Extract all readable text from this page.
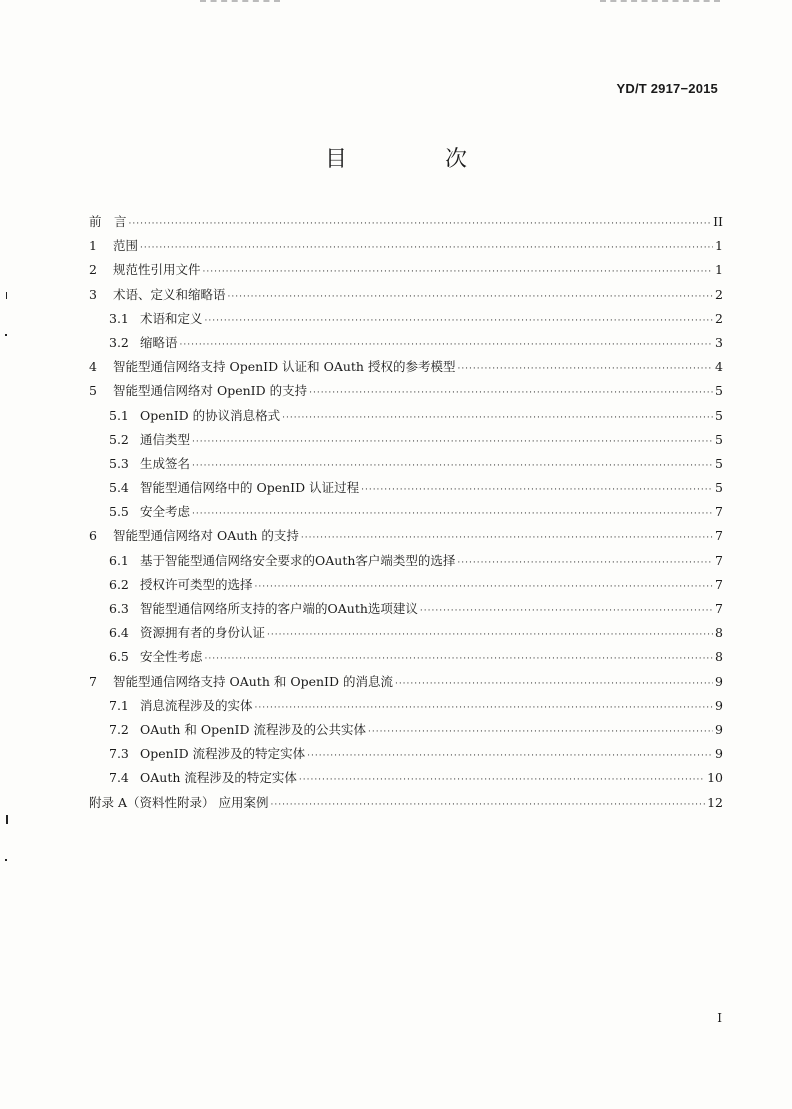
YD/T 2917−2015
目　次
前　言 ·····	II
1	范围 ·····	1
2	规范性引用文件 ·····	1
3	术语、定义和缩略语 ·····	2
3.1 术语和定义 ·····	2
3.2 缩略语 ·····	3
4	智能型通信网络支持 OpenID 认证和 OAuth 授权的参考模型 ·····	4
5	智能型通信网络对 OpenID 的支持 ·····	5
5.1 OpenID 的协议消息格式 ·····	5
5.2 通信类型 ·····	5
5.3 生成签名 ·····	5
5.4 智能型通信网络中的 OpenID 认证过程 ·····	5
5.5 安全考虑 ·····	7
6	智能型通信网络对 OAuth 的支持 ·····	7
6.1 基于智能型通信网络安全要求的OAuth客户端类型的选择 ·····	7
6.2 授权许可类型的选择 ·····	7
6.3 智能型通信网络所支持的客户端的OAuth选项建议 ·····	7
6.4 资源拥有者的身份认证 ·····	8
6.5 安全性考虑 ·····	8
7	智能型通信网络支持 OAuth 和 OpenID 的消息流 ·····	9
7.1 消息流程涉及的实体 ·····	9
7.2 OAuth 和 OpenID 流程涉及的公共实体 ·····	9
7.3 OpenID 流程涉及的特定实体 ·····	9
7.4 OAuth 流程涉及的特定实体 ·····	10
附录 A（资料性附录） 应用案例 ·····	12
I
